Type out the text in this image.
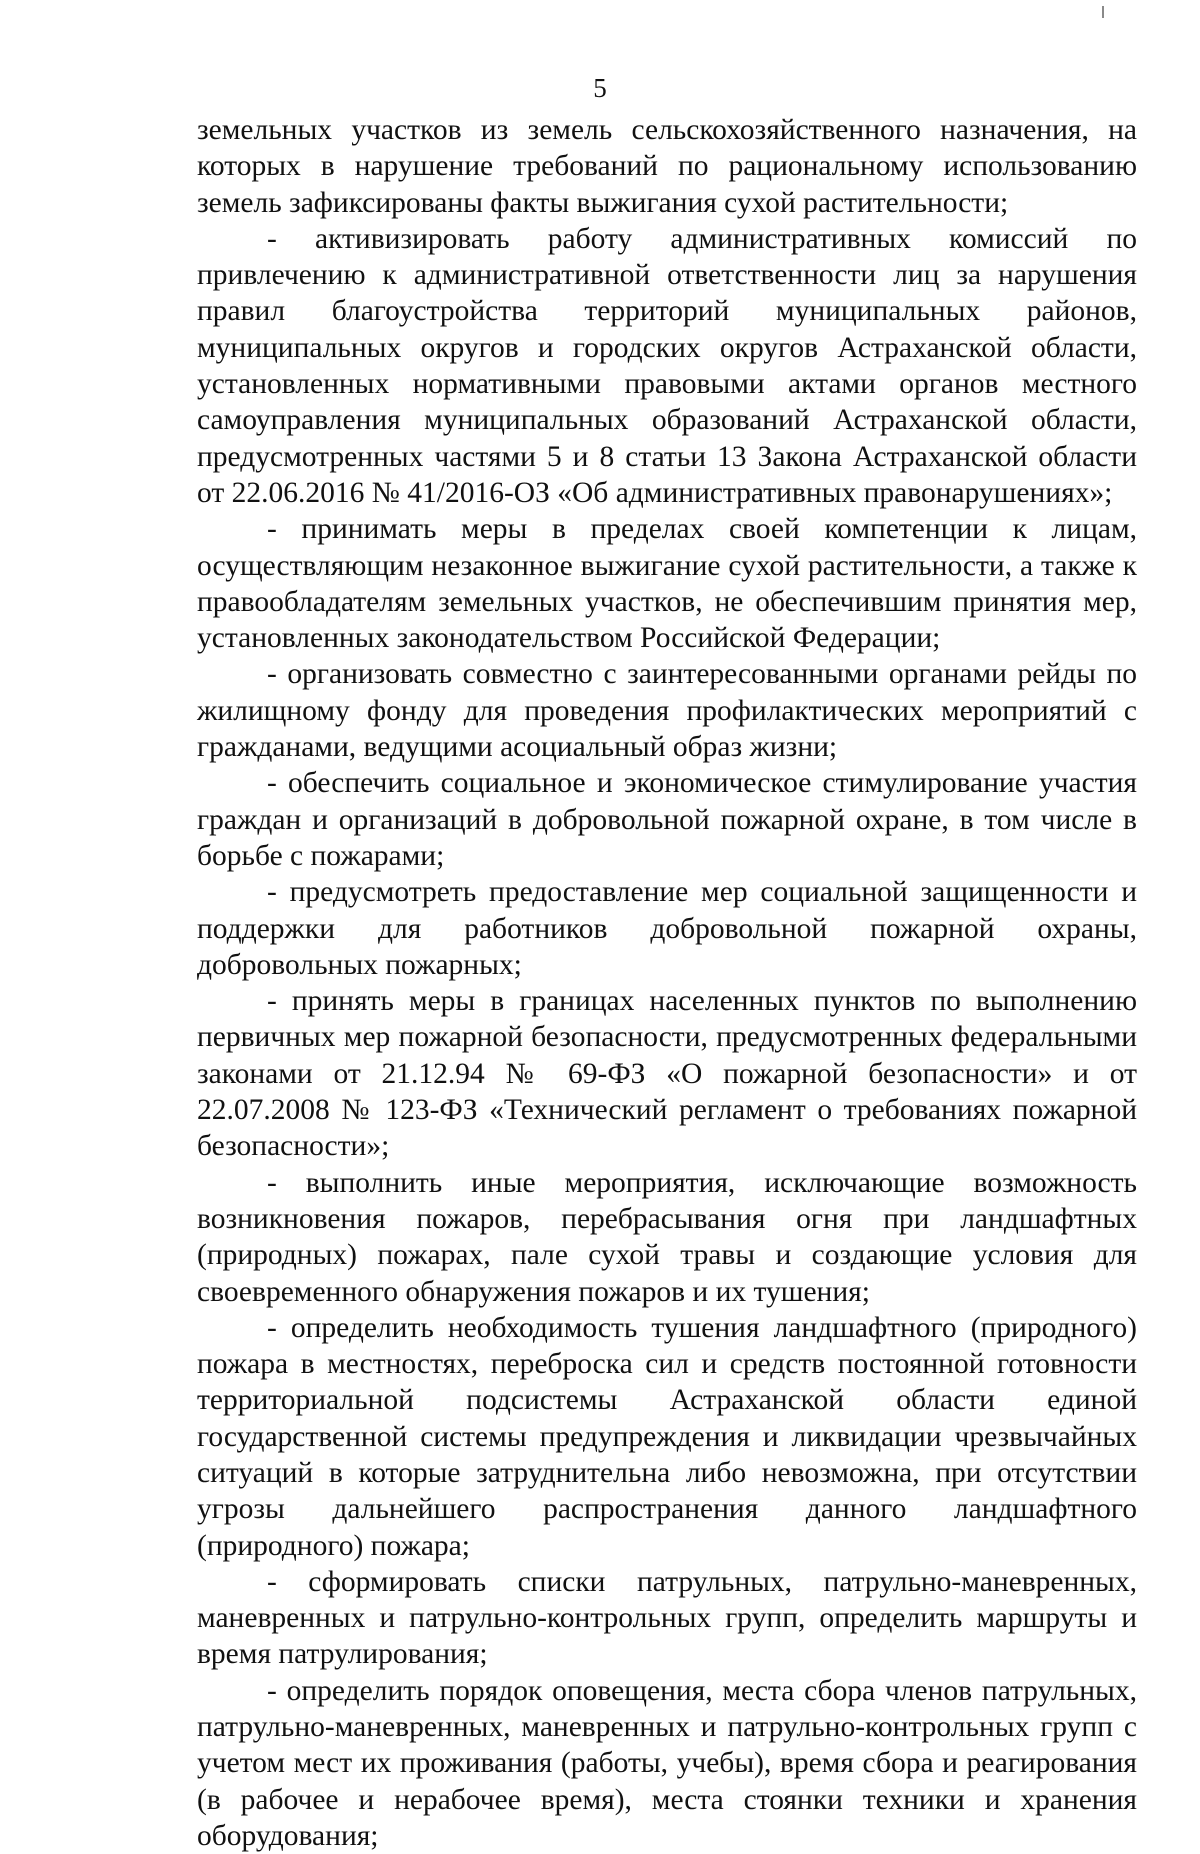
5

земельных участков из земель сельскохозяйственного назначения, на которых в нарушение требований по рациональному использованию земель зафиксированы факты выжигания сухой растительности;

- активизировать работу административных комиссий по привлечению к административной ответственности лиц за нарушения правил благоустройства территорий муниципальных районов, муниципальных округов и городских округов Астраханской области, установленных нормативными правовыми актами органов местного самоуправления муниципальных образований Астраханской области, предусмотренных частями 5 и 8 статьи 13 Закона Астраханской области от 22.06.2016 № 41/2016-ОЗ «Об административных правонарушениях»;

- принимать меры в пределах своей компетенции к лицам, осуществляющим незаконное выжигание сухой растительности, а также к правообладателям земельных участков, не обеспечившим принятия мер, установленных законодательством Российской Федерации;

- организовать совместно с заинтересованными органами рейды по жилищному фонду для проведения профилактических мероприятий с гражданами, ведущими асоциальный образ жизни;

- обеспечить социальное и экономическое стимулирование участия граждан и организаций в добровольной пожарной охране, в том числе в борьбе с пожарами;

- предусмотреть предоставление мер социальной защищенности и поддержки для работников добровольной пожарной охраны, добровольных пожарных;

- принять меры в границах населенных пунктов по выполнению первичных мер пожарной безопасности, предусмотренных федеральными законами от 21.12.94 № 69-ФЗ «О пожарной безопасности» и от 22.07.2008 № 123-ФЗ «Технический регламент о требованиях пожарной безопасности»;

- выполнить иные мероприятия, исключающие возможность возникновения пожаров, перебрасывания огня при ландшафтных (природных) пожарах, пале сухой травы и создающие условия для своевременного обнаружения пожаров и их тушения;

- определить необходимость тушения ландшафтного (природного) пожара в местностях, переброска сил и средств постоянной готовности территориальной подсистемы Астраханской области единой государственной системы предупреждения и ликвидации чрезвычайных ситуаций в которые затруднительна либо невозможна, при отсутствии угрозы дальнейшего распространения данного ландшафтного (природного) пожара;

- сформировать списки патрульных, патрульно-маневренных, маневренных и патрульно-контрольных групп, определить маршруты и время патрулирования;

- определить порядок оповещения, места сбора членов патрульных, патрульно-маневренных, маневренных и патрульно-контрольных групп с учетом мест их проживания (работы, учебы), время сбора и реагирования (в рабочее и нерабочее время), места стоянки техники и хранения оборудования;
